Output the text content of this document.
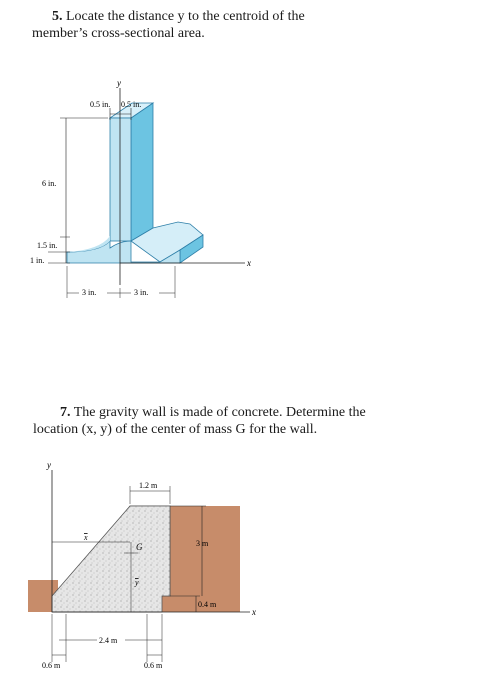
5. Locate the distance y to the centroid of the
member’s cross-sectional area.
y
x
0.5 in. 0.5 in.
6 in.
1.5 in.
1 in.
3 in.	3 in.
7. The gravity wall is made of concrete. Determine the
location (x, y) of the center of mass G for the wall.
y
x
x
G
y
1.2 m
3 m
0.4 m
2.4 m
0.6 m	0.6 m
